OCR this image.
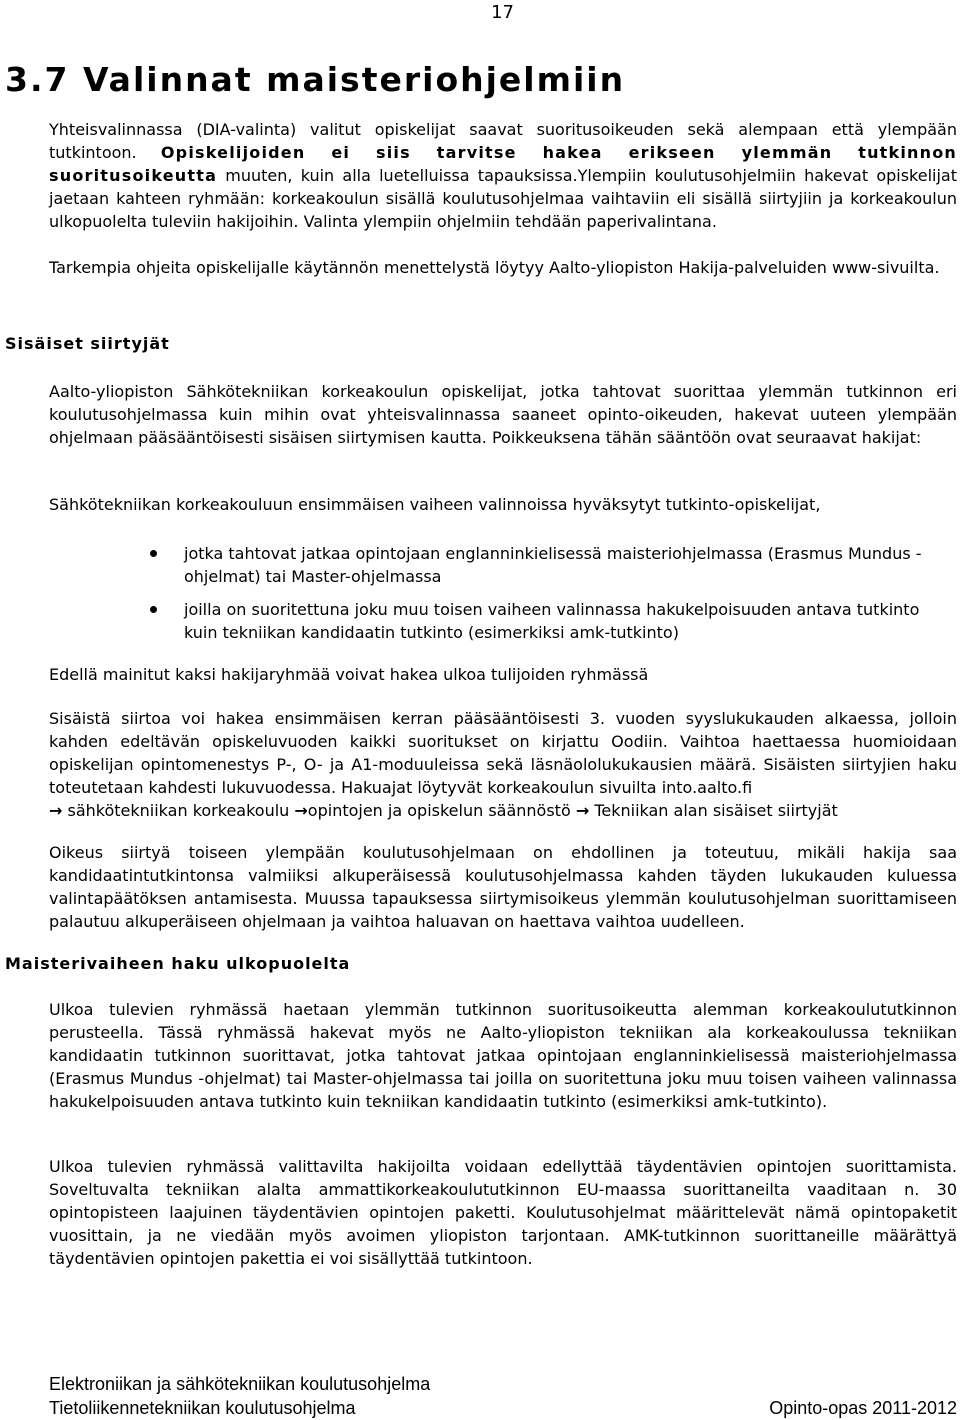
17
3.7 Valinnat maisteriohjelmiin

Yhteisvalinnassa (DIA-valinta) valitut opiskelijat saavat suoritusoikeuden sekä alempaan että ylempään tutkintoon. Opiskelijoiden ei siis tarvitse hakea erikseen ylemmän tutkinnon suoritusoikeutta muuten, kuin alla luetelluissa tapauksissa.Ylempiin koulutusohjelmiin hakevat opiskelijat jaetaan kahteen ryhmään: korkeakoulun sisällä koulutusohjelmaa vaihtaviin eli sisällä siirtyjiin ja korkeakoulun ulkopuolelta tuleviin hakijoihin. Valinta ylempiin ohjelmiin tehdään paperivalintana.

Tarkempia ohjeita opiskelijalle käytännön menettelystä löytyy Aalto-yliopiston Hakija-palveluiden www-sivuilta.

Sisäiset siirtyjät

Aalto-yliopiston Sähkötekniikan korkeakoulun opiskelijat, jotka tahtovat suorittaa ylemmän tutkinnon eri koulutusohjelmassa kuin mihin ovat yhteisvalinnassa saaneet opinto-oikeuden, hakevat uuteen ylempään ohjelmaan pääsääntöisesti sisäisen siirtymisen kautta. Poikkeuksena tähän sääntöön ovat seuraavat hakijat:

Sähkötekniikan korkeakouluun ensimmäisen vaiheen valinnoissa hyväksytyt tutkinto-opiskelijat,

jotka tahtovat jatkaa opintojaan englanninkielisessä maisteriohjelmassa (Erasmus Mundus -ohjelmat) tai Master-ohjelmassa
joilla on suoritettuna joku muu toisen vaiheen valinnassa hakukelpoisuuden antava tutkinto kuin tekniikan kandidaatin tutkinto (esimerkiksi amk-tutkinto)

Edellä mainitut kaksi hakijaryhmää voivat hakea ulkoa tulijoiden ryhmässä

Sisäistä siirtoa voi hakea ensimmäisen kerran pääsääntöisesti 3. vuoden syyslukukauden alkaessa, jolloin kahden edeltävän opiskeluvuoden kaikki suoritukset on kirjattu Oodiin. Vaihtoa haettaessa huomioidaan opiskelijan opintomenestys P-, O- ja A1-moduuleissa sekä läsnäololukukausien määrä. Sisäisten siirtyjien haku toteutetaan kahdesti lukuvuodessa. Hakuajat löytyvät korkeakoulun sivuilta into.aalto.fi
→ sähkötekniikan korkeakoulu →opintojen ja opiskelun säännöstö → Tekniikan alan sisäiset siirtyjät

Oikeus siirtyä toiseen ylempään koulutusohjelmaan on ehdollinen ja toteutuu, mikäli hakija saa kandidaatintutkintonsa valmiiksi alkuperäisessä koulutusohjelmassa kahden täyden lukukauden kuluessa valintapäätöksen antamisesta. Muussa tapauksessa siirtymisoikeus ylemmän koulutusohjelman suorittamiseen palautuu alkuperäiseen ohjelmaan ja vaihtoa haluavan on haettava vaihtoa uudelleen.

Maisterivaiheen haku ulkopuolelta

Ulkoa tulevien ryhmässä haetaan ylemmän tutkinnon suoritusoikeutta alemman korkeakoulututkinnon perusteella. Tässä ryhmässä hakevat myös ne Aalto-yliopiston tekniikan ala korkeakoulussa tekniikan kandidaatin tutkinnon suorittavat, jotka tahtovat jatkaa opintojaan englanninkielisessä maisteriohjelmassa (Erasmus Mundus -ohjelmat) tai Master-ohjelmassa tai joilla on suoritettuna joku muu toisen vaiheen valinnassa hakukelpoisuuden antava tutkinto kuin tekniikan kandidaatin tutkinto (esimerkiksi amk-tutkinto).

Ulkoa tulevien ryhmässä valittavilta hakijoilta voidaan edellyttää täydentävien opintojen suorittamista. Soveltuvalta tekniikan alalta ammattikorkeakoulututkinnon EU-maassa suorittaneilta vaaditaan n. 30 opintopisteen laajuinen täydentävien opintojen paketti. Koulutusohjelmat määrittelevät nämä opintopaketit vuosittain, ja ne viedään myös avoimen yliopiston tarjontaan. AMK-tutkinnon suorittaneille määrättyä täydentävien opintojen pakettia ei voi sisällyttää tutkintoon.

Elektroniikan ja sähkötekniikan koulutusohjelma
Tietoliikennetekniikan koulutusohjelma	Opinto-opas 2011-2012
